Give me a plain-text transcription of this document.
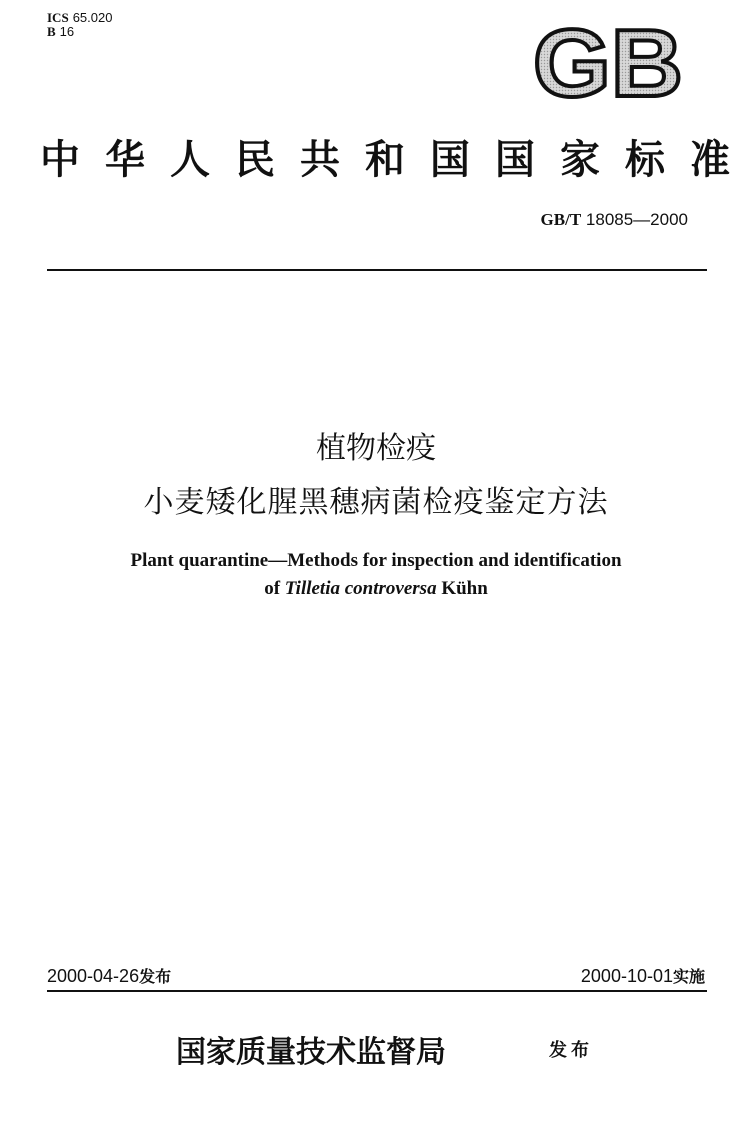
ICS 65.020
B 16	GB
中 华 人 民 共 和 国 国 家 标 准
GB/T 18085—2000
植物检疫
小麦矮化腥黑穗病菌检疫鉴定方法
Plant quarantine—Methods for inspection and identification
of Tilletia controversa Kühn
2000-04-26发布	2000-10-01实施
国家质量技术监督局	发布
